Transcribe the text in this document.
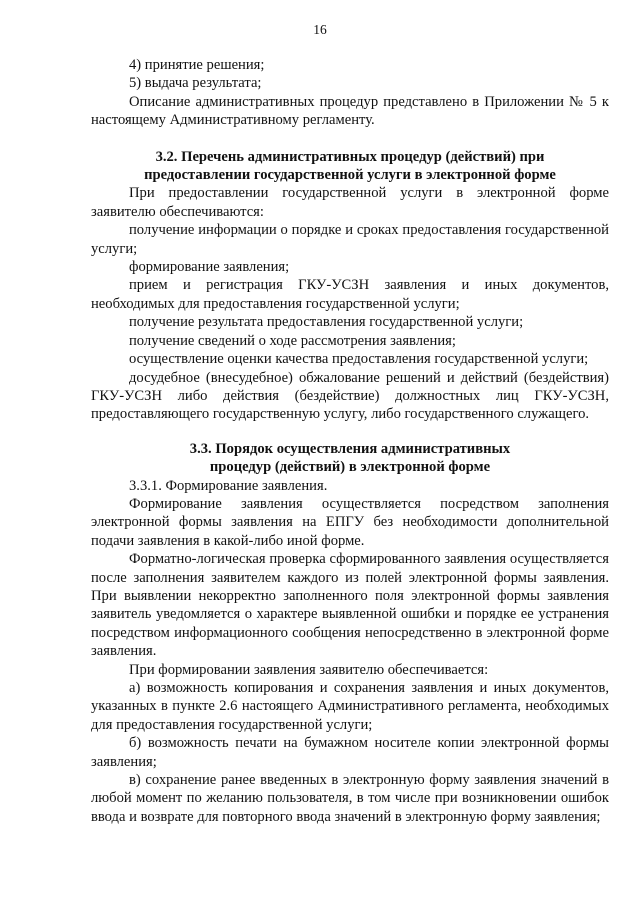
16

4) принятие решения;

5) выдача результата;

Описание административных процедур представлено в Приложении № 5 к настоящему Административному регламенту.

3.2. Перечень административных процедур (действий) при

предоставлении государственной услуги в электронной форме

При предоставлении государственной услуги в электронной форме заявителю обеспечиваются:

получение информации о порядке и сроках предоставления государственной услуги;

формирование заявления;

прием и регистрация ГКУ-УСЗН заявления и иных документов, необходимых для предоставления государственной услуги;

получение результата предоставления государственной услуги;

получение сведений о ходе рассмотрения заявления;

осуществление оценки качества предоставления государственной услуги;

досудебное (внесудебное) обжалование решений и действий (бездействия) ГКУ-УСЗН либо действия (бездействие) должностных лиц ГКУ-УСЗН, предоставляющего государственную услугу, либо государственного служащего.

3.3. Порядок осуществления административных

процедур (действий) в электронной форме

3.3.1. Формирование заявления.

Формирование заявления осуществляется посредством заполнения электронной формы заявления на ЕПГУ без необходимости дополнительной подачи заявления в какой-либо иной форме.

Форматно-логическая проверка сформированного заявления осуществляется после заполнения заявителем каждого из полей электронной формы заявления. При выявлении некорректно заполненного поля электронной формы заявления заявитель уведомляется о характере выявленной ошибки и порядке ее устранения посредством информационного сообщения непосредственно в электронной форме заявления.

При формировании заявления заявителю обеспечивается:

а) возможность копирования и сохранения заявления и иных документов, указанных в пункте 2.6 настоящего Административного регламента, необходимых для предоставления государственной услуги;

б) возможность печати на бумажном носителе копии электронной формы заявления;

в) сохранение ранее введенных в электронную форму заявления значений в любой момент по желанию пользователя, в том числе при возникновении ошибок ввода и возврате для повторного ввода значений в электронную форму заявления;
